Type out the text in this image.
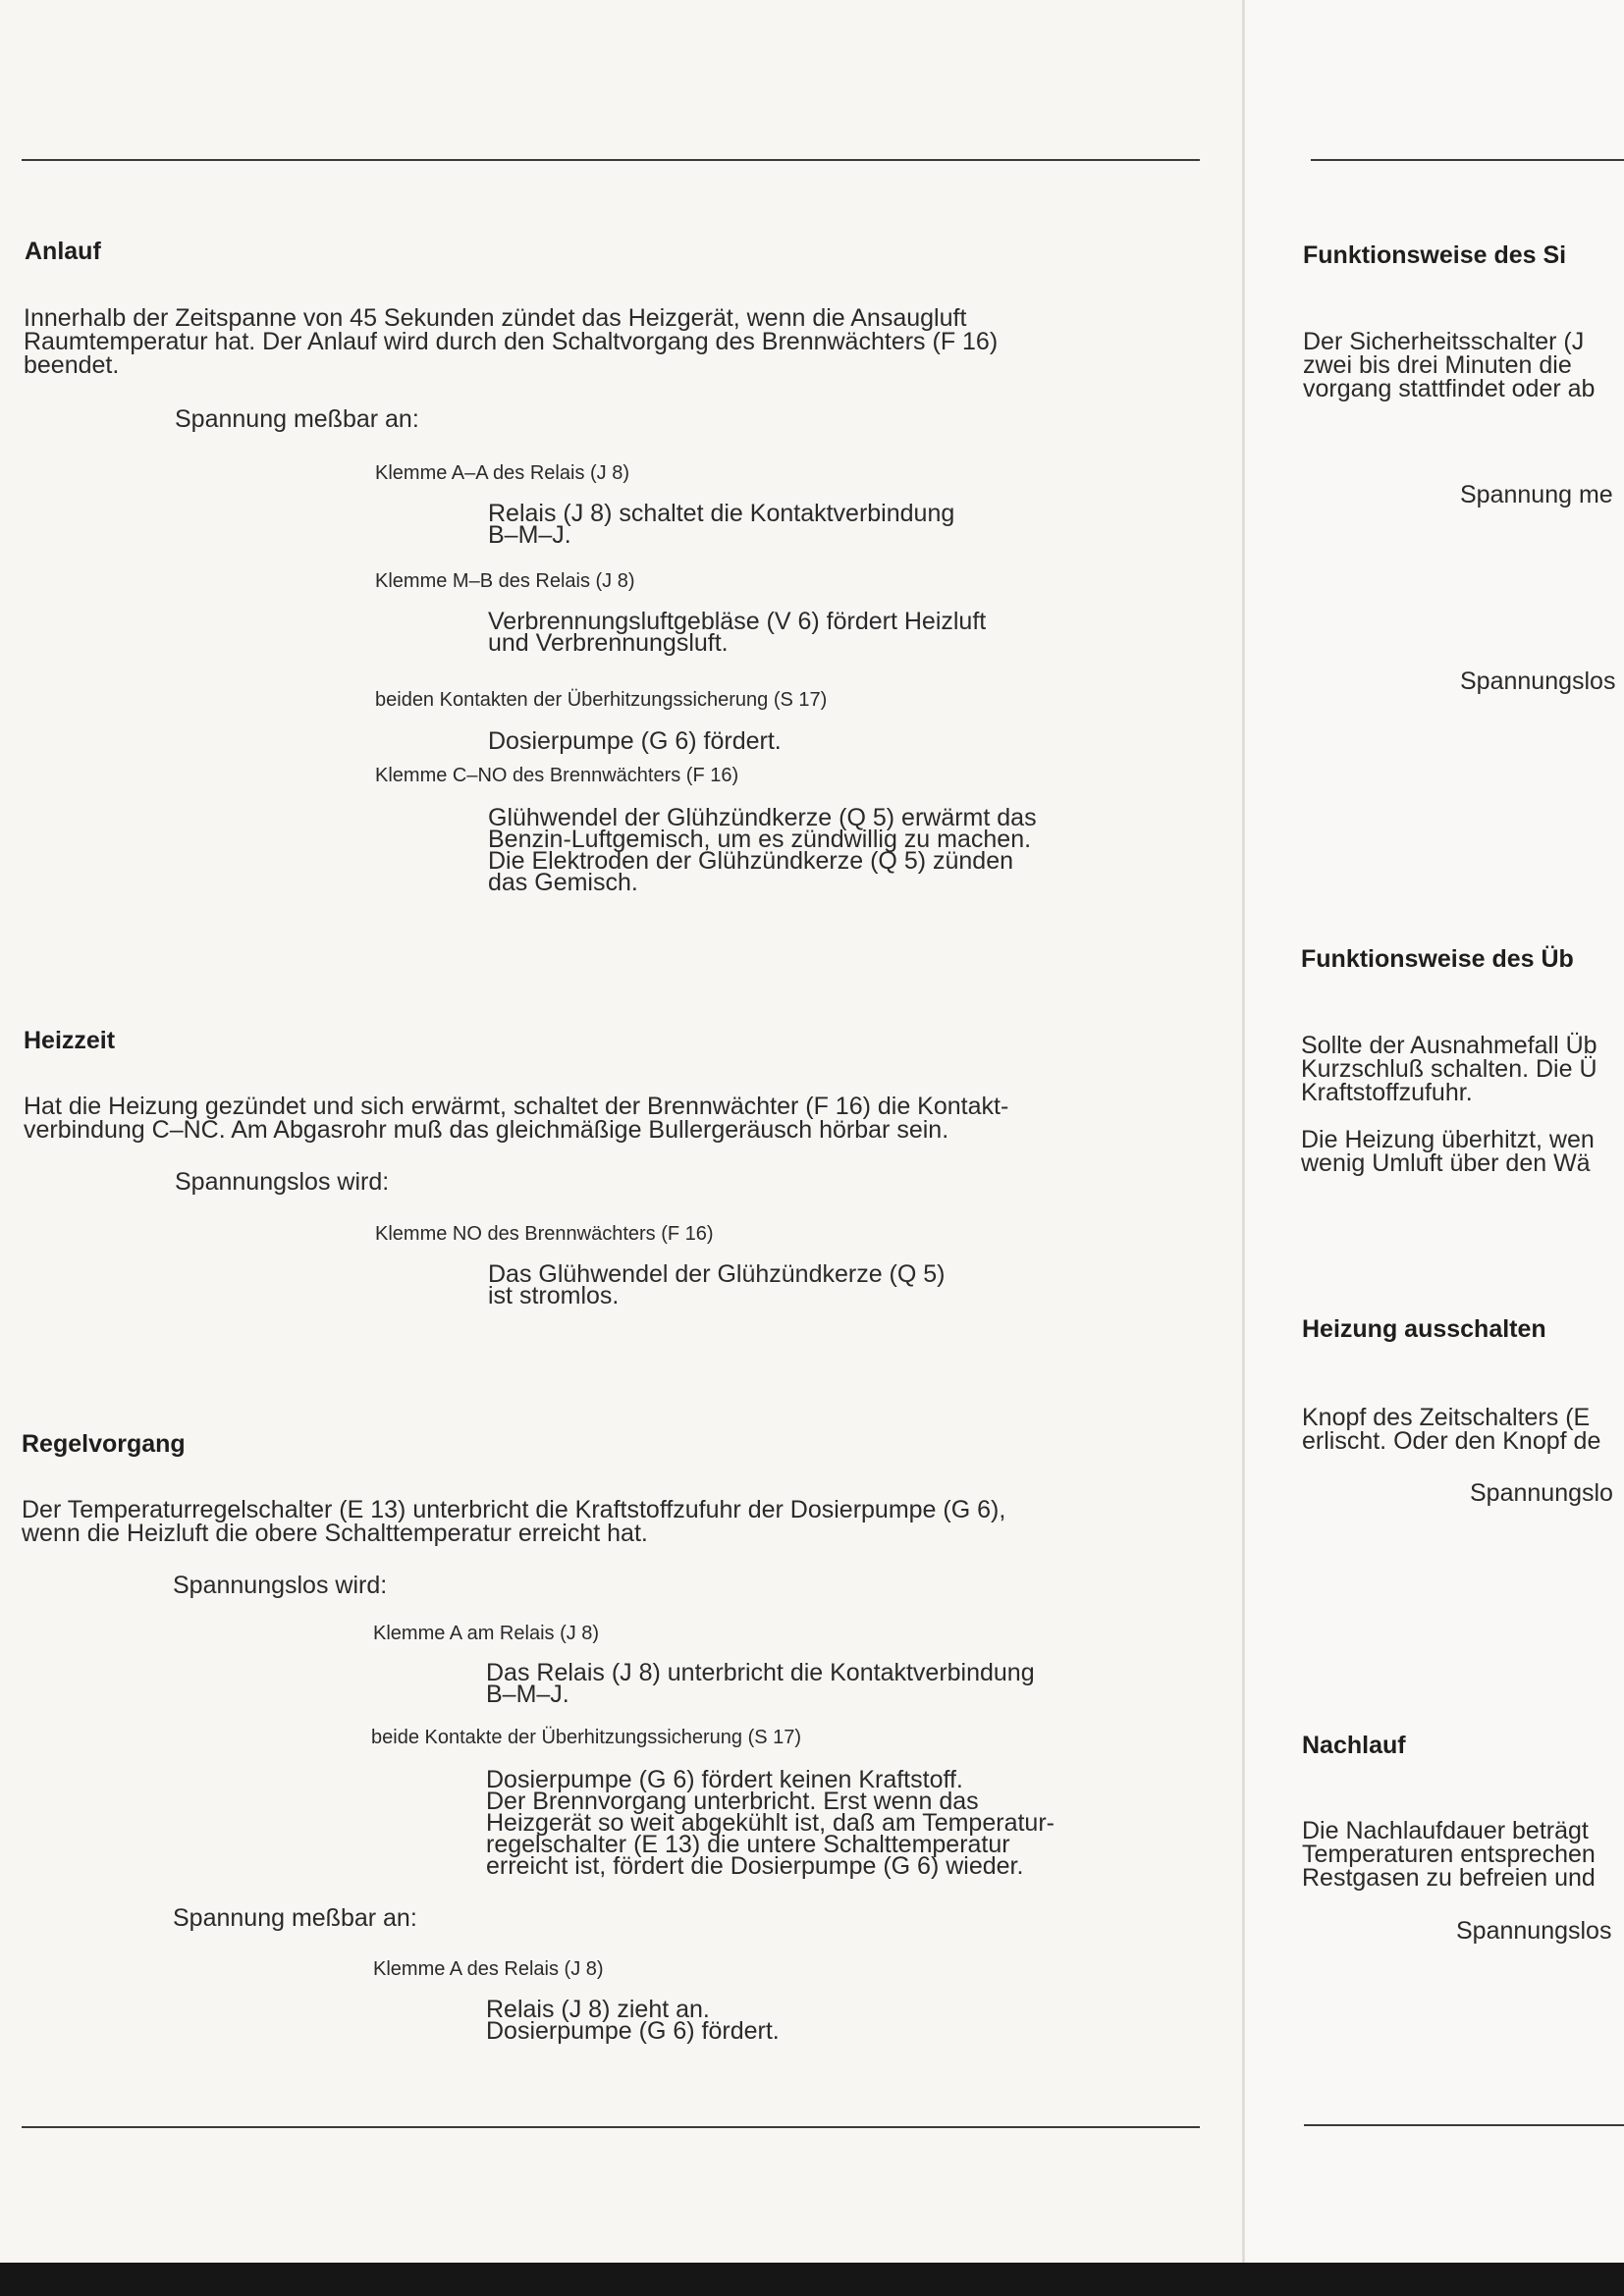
Anlauf
Innerhalb der Zeitspanne von 45 Sekunden zündet das Heizgerät, wenn die Ansaugluft
Raumtemperatur hat. Der Anlauf wird durch den Schaltvorgang des Brennwächters (F 16)
beendet.
Spannung meßbar an:
Klemme A–A des Relais (J 8)
Relais (J 8) schaltet die Kontaktverbindung
B–M–J.
Klemme M–B des Relais (J 8)
Verbrennungsluftgebläse (V 6) fördert Heizluft
und Verbrennungsluft.
beiden Kontakten der Überhitzungssicherung (S 17)
Dosierpumpe (G 6) fördert.
Klemme C–NO des Brennwächters (F 16)
Glühwendel der Glühzündkerze (Q 5) erwärmt das
Benzin-Luftgemisch, um es zündwillig zu machen.
Die Elektroden der Glühzündkerze (Q 5) zünden
das Gemisch.
Heizzeit
Hat die Heizung gezündet und sich erwärmt, schaltet der Brennwächter (F 16) die Kontakt-
verbindung C–NC. Am Abgasrohr muß das gleichmäßige Bullergeräusch hörbar sein.
Spannungslos wird:
Klemme NO des Brennwächters (F 16)
Das Glühwendel der Glühzündkerze (Q 5)
ist stromlos.
Regelvorgang
Der Temperaturregelschalter (E 13) unterbricht die Kraftstoffzufuhr der Dosierpumpe (G 6),
wenn die Heizluft die obere Schalttemperatur erreicht hat.
Spannungslos wird:
Klemme A am Relais (J 8)
Das Relais (J 8) unterbricht die Kontaktverbindung
B–M–J.
beide Kontakte der Überhitzungssicherung (S 17)
Dosierpumpe (G 6) fördert keinen Kraftstoff.
Der Brennvorgang unterbricht. Erst wenn das
Heizgerät so weit abgekühlt ist, daß am Temperatur-
regelschalter (E 13) die untere Schalttemperatur
erreicht ist, fördert die Dosierpumpe (G 6) wieder.
Spannung meßbar an:
Klemme A des Relais (J 8)
Relais (J 8) zieht an.
Dosierpumpe (G 6) fördert.
Funktionsweise des Si
Der Sicherheitsschalter (J
zwei bis drei Minuten die
vorgang stattfindet oder ab
Spannung me
Spannungslos
Funktionsweise des Üb
Sollte der Ausnahmefall Üb
Kurzschluß schalten. Die Ü
Kraftstoffzufuhr.
Die Heizung überhitzt, wen
wenig Umluft über den Wä
Heizung ausschalten
Knopf des Zeitschalters (E
erlischt. Oder den Knopf de
Spannungslo
Nachlauf
Die Nachlaufdauer beträgt
Temperaturen entsprechen
Restgasen zu befreien und
Spannungslos
